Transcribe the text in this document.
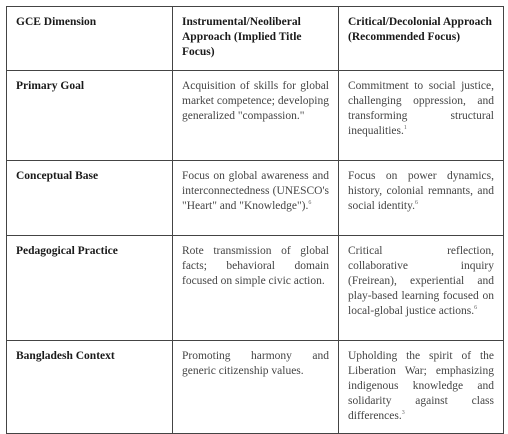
GCE Dimension	Instrumental/Neoliberal Approach (Implied Title Focus)	Critical/Decolonial Approach (Recommended Focus)
Primary Goal	Acquisition of skills for global market competence; developing generalized "compassion."	Commitment to social justice, challenging oppression, and transforming structural inequalities.$^1$
Conceptual Base	Focus on global awareness and interconnectedness (UNESCO's "Heart" and "Knowledge").$^6$	Focus on power dynamics, history, colonial remnants, and social identity.$^6$
Pedagogical Practice	Rote transmission of global facts; behavioral domain focused on simple civic action.	Critical reflection, collaborative inquiry (Freirean), experiential and play-based learning focused on local-global justice actions.$^6$
Bangladesh Context	Promoting harmony and generic citizenship values.	Upholding the spirit of the Liberation War; emphasizing indigenous knowledge and solidarity against class differences.$^3$
